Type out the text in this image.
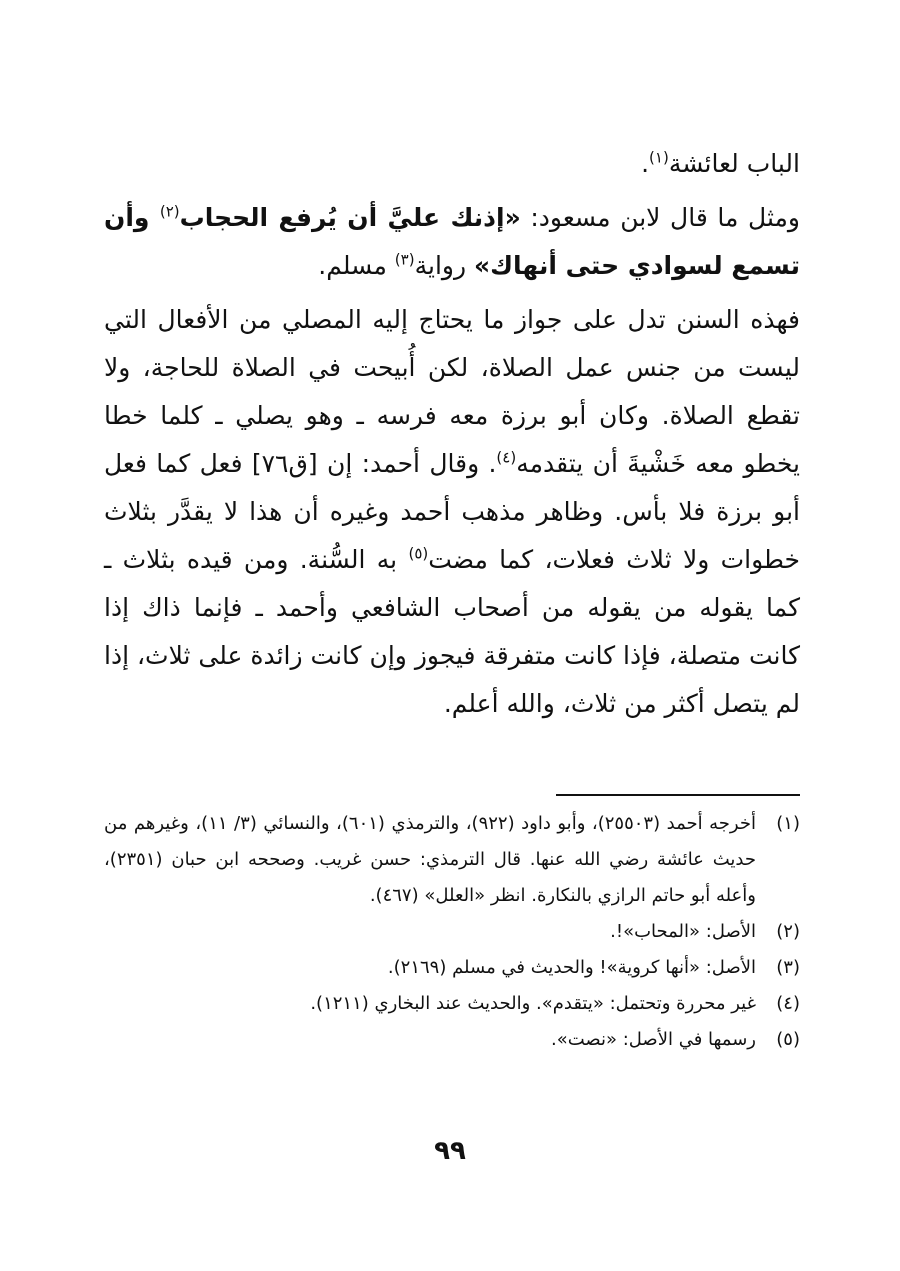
الباب لعائشة$^{(١)}$.

ومثل ما قال لابن مسعود: «إذنك عليَّ أن يُرفع الحجاب$^{(٢)}$ وأن تسمع لسوادي حتى أنهاك» رواية$^{(٣)}$ مسلم.

فهذه السنن تدل على جواز ما يحتاج إليه المصلي من الأفعال التي ليست من جنس عمل الصلاة، لكن أُبيحت في الصلاة للحاجة، ولا تقطع الصلاة. وكان أبو برزة معه فرسه ـ وهو يصلي ـ كلما خطا يخطو معه خَشْيةَ أن يتقدمه$^{(٤)}$. وقال أحمد: إن [ق٧٦] فعل كما فعل أبو برزة فلا بأس. وظاهر مذهب أحمد وغيره أن هذا لا يقدَّر بثلاث خطوات ولا ثلاث فعلات، كما مضت$^{(٥)}$ به السُّنة. ومن قيده بثلاث ـ كما يقوله من يقوله من أصحاب الشافعي وأحمد ـ فإنما ذاك إذا كانت متصلة، فإذا كانت متفرقة فيجوز وإن كانت زائدة على ثلاث، إذا لم يتصل أكثر من ثلاث، والله أعلم.

(١)
أخرجه أحمد (٢٥٥٠٣)، وأبو داود (٩٢٢)، والترمذي (٦٠١)، والنسائي (٣/ ١١)، وغيرهم من حديث عائشة رضي الله عنها. قال الترمذي: حسن غريب. وصححه ابن حبان (٢٣٥١)، وأعله أبو حاتم الرازي بالنكارة. انظر «العلل» (٤٦٧).
(٢)
الأصل: «المحاب»!.
(٣)
الأصل: «أنها كروية»! والحديث في مسلم (٢١٦٩).
(٤)
غير محررة وتحتمل: «يتقدم». والحديث عند البخاري (١٢١١).
(٥)
رسمها في الأصل: «نصت».
٩٩
